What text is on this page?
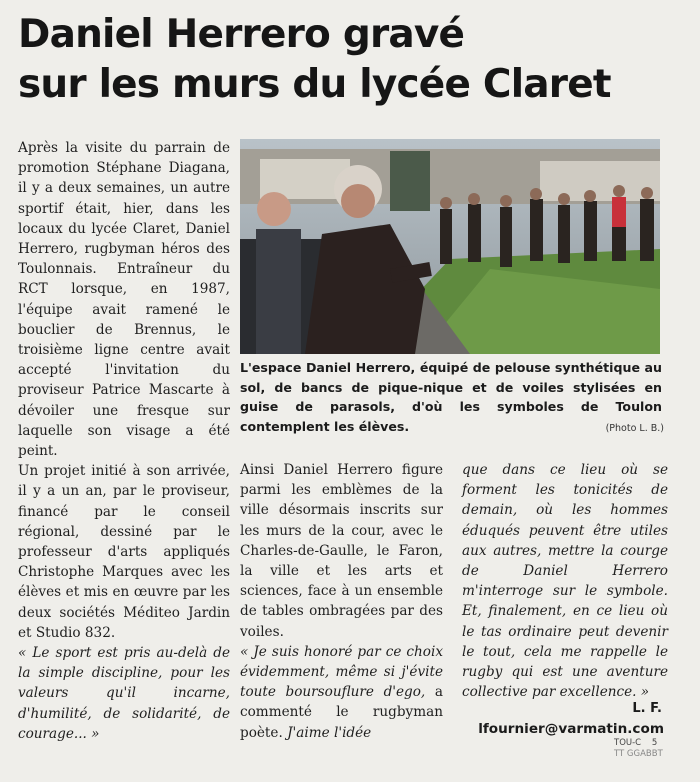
Daniel Herrero gravé
sur les murs du lycée Claret

Après la visite du parrain de promotion Stéphane Diagana, il y a deux semaines, un autre sportif était, hier, dans les locaux du lycée Claret, Daniel Herrero, rugbyman héros des Toulonnais. Entraîneur du RCT lorsque, en 1987, l'équipe avait ramené le bouclier de Brennus, le troisième ligne centre avait accepté l'invitation du proviseur Patrice Mascarte à dévoiler une fresque sur laquelle son visage a été peint.

Un projet initié à son arrivée, il y a un an, par le proviseur, financé par le conseil régional, dessiné par le professeur d'arts appliqués Christophe Marques avec les élèves et mis en œuvre par les deux sociétés Méditeo Jardin et Studio 832.

« Le sport est pris au-delà de la simple discipline, pour les valeurs qu'il incarne, d'humilité, de solidarité, de courage... »

L'espace Daniel Herrero, équipé de pelouse synthétique au sol, de bancs de pique-nique et de voiles stylisées en guise de parasols, d'où les symboles de Toulon contemplent les élèves.	(Photo L. B.)

Ainsi Daniel Herrero figure parmi les emblèmes de la ville désormais inscrits sur les murs de la cour, avec le Charles-de-Gaulle, le Faron, la ville et les arts et sciences, face à un ensemble de tables ombragées par des voiles.

« Je suis honoré par ce choix évidemment, même si j'évite toute boursouflure d'ego, a commenté le rugbyman poète. J'aime l'idée

que dans ce lieu où se forment les tonicités de demain, où les hommes éduqués peuvent être utiles aux autres, mettre la courge de Daniel Herrero m'interroge sur le symbole. Et, finalement, en ce lieu où le tas ordinaire peut devenir le tout, cela me rappelle le rugby qui est une aventure collective par excellence. »

L. F.
lfournier@varmatin.com
TOU-C 5
TT GGABBT
